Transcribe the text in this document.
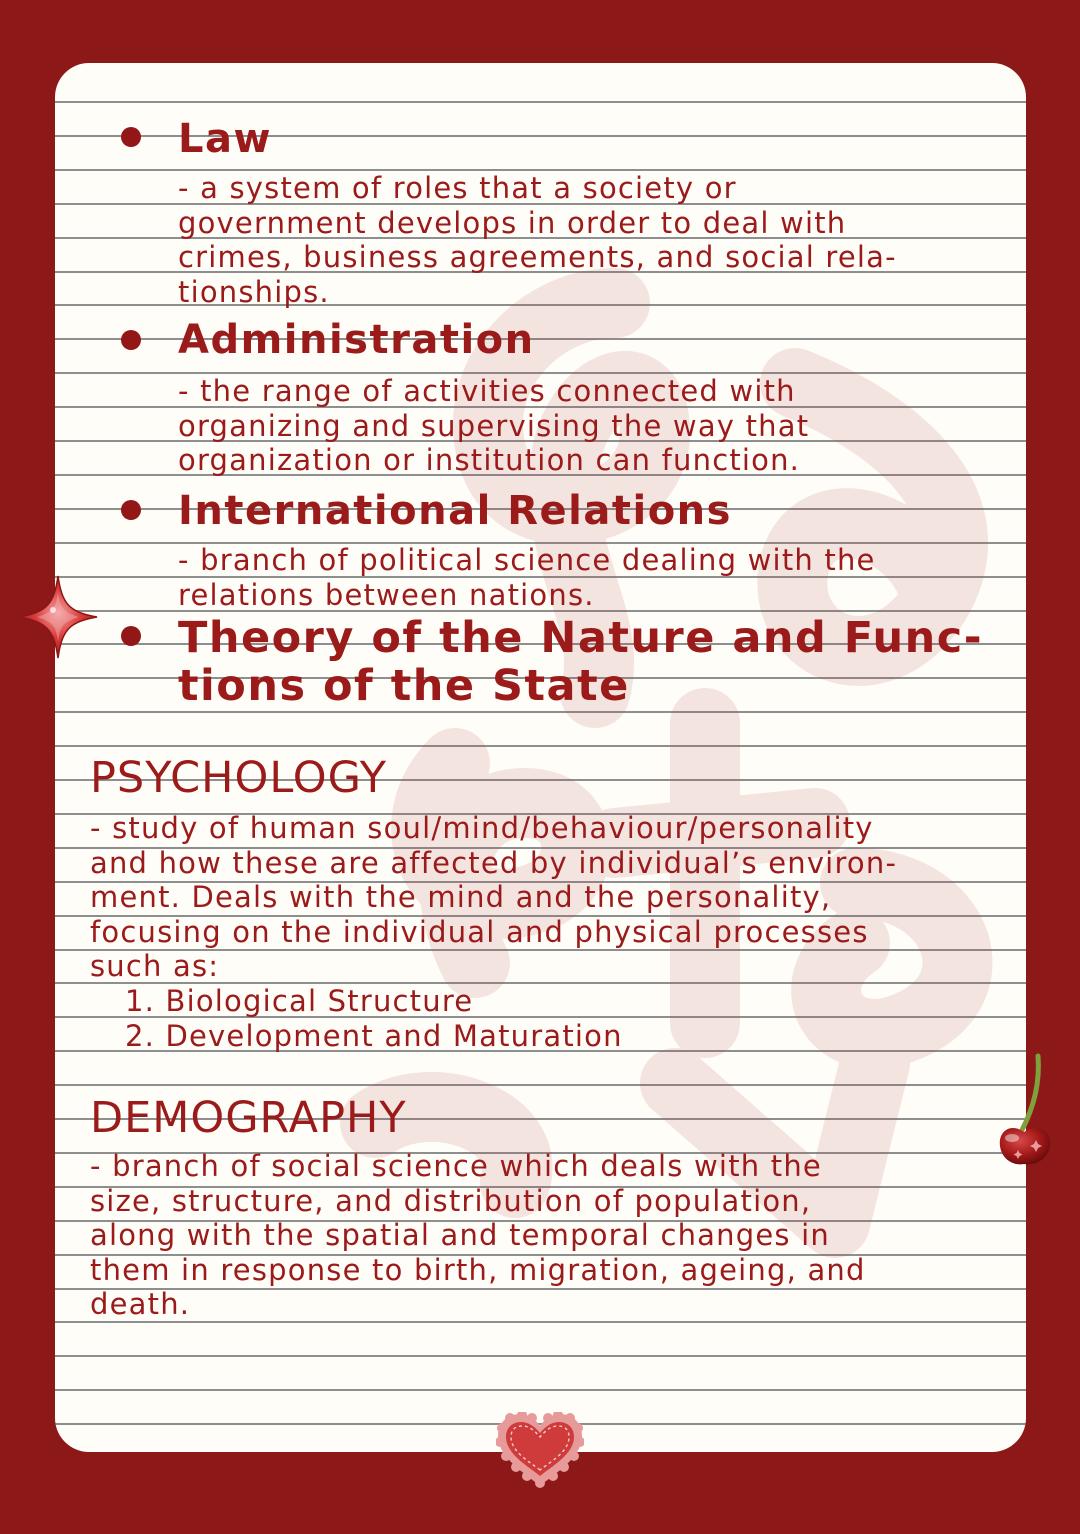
Law
- a system of roles that a society or
government develops in order to deal with
crimes, business agreements, and social rela-
tionships.
Administration
- the range of activities connected with
organizing and supervising the way that
organization or institution can function.
International Relations
- branch of political science dealing with the
relations between nations.
Theory of the Nature and Func-
tions of the State
PSYCHOLOGY
- study of human soul/mind/behaviour/personality
and how these are affected by individual’s environ-
ment. Deals with the mind and the personality,
focusing on the individual and physical processes
such as:
1. Biological Structure
2. Development and Maturation
DEMOGRAPHY
- branch of social science which deals with the
size, structure, and distribution of population,
along with the spatial and temporal changes in
them in response to birth, migration, ageing, and
death.
